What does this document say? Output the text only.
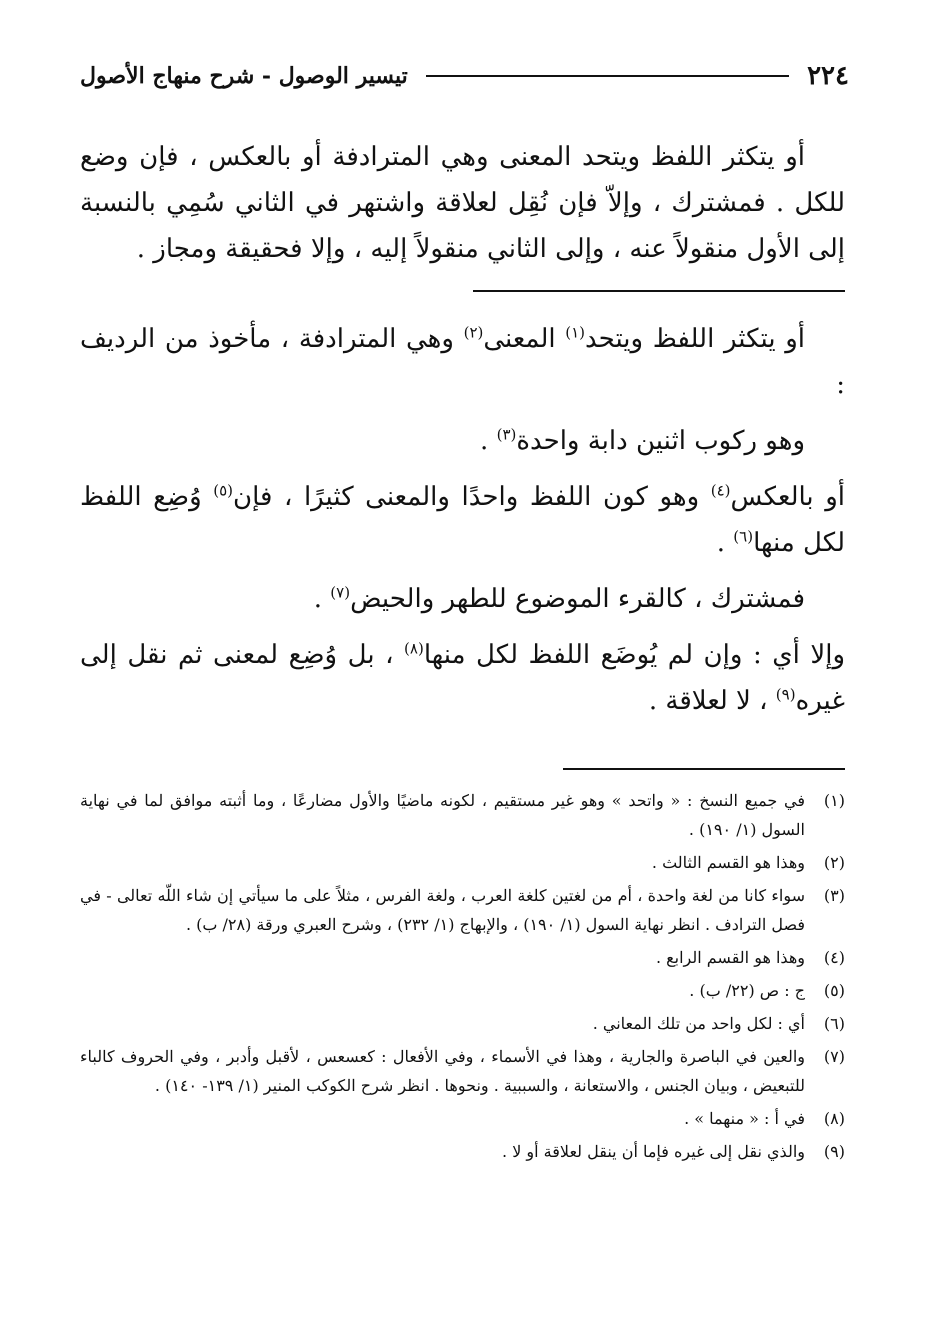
٢٢٤
تيسير الوصول - شرح منهاج الأصول

أو يتكثر اللفظ ويتحد المعنى وهي المترادفة أو بالعكس ، فإن وضع للكل . فمشترك ، وإلاّ فإن نُقِل لعلاقة واشتهر في الثاني سُمِي بالنسبة إلى الأول منقولاً عنه ، وإلى الثاني منقولاً إليه ، وإلا فحقيقة ومجاز .

أو يتكثر اللفظ ويتحد$^{(١)}$ المعنى$^{(٢)}$ وهي المترادفة ، مأخوذ من الرديف :

وهو ركوب اثنين دابة واحدة$^{(٣)}$ .

أو بالعكس$^{(٤)}$ وهو كون اللفظ واحدًا والمعنى كثيرًا ، فإن$^{(٥)}$ وُضِع اللفظ لكل منها$^{(٦)}$ .

فمشترك ، كالقرء الموضوع للطهر والحيض$^{(٧)}$ .

وإلا أي : وإن لم يُوضَع اللفظ لكل منها$^{(٨)}$ ، بل وُضِع لمعنى ثم نقل إلى غيره$^{(٩)}$ ، لا لعلاقة .

(١)
في جميع النسخ : « واتحد » وهو غير مستقيم ، لكونه ماضيًا والأول مضارعًا ، وما أثبته موافق لما في نهاية السول (١/ ١٩٠) .
(٢)
وهذا هو القسم الثالث .
(٣)
سواء كانا من لغة واحدة ، أم من لغتين كلغة العرب ، ولغة الفرس ، مثلاً على ما سيأتي إن شاء اللّه تعالى - في فصل الترادف . انظر نهاية السول (١/ ١٩٠) ، والإبهاج (١/ ٢٣٢) ، وشرح العبري ورقة (٢٨/ ب) .
(٤)
وهذا هو القسم الرابع .
(٥)
ج : ص (٢٢/ ب) .
(٦)
أي : لكل واحد من تلك المعاني .
(٧)
والعين في الباصرة والجارية ، وهذا في الأسماء ، وفي الأفعال : كعسعس ، لأقبل وأدبر ، وفي الحروف كالباء للتبعيض ، وبيان الجنس ، والاستعانة ، والسببية . ونحوها . انظر شرح الكوكب المنير (١/ ١٣٩- ١٤٠) .
(٨)
في أ : « منهما » .
(٩)
والذي نقل إلى غيره فإما أن ينقل لعلاقة أو لا .
